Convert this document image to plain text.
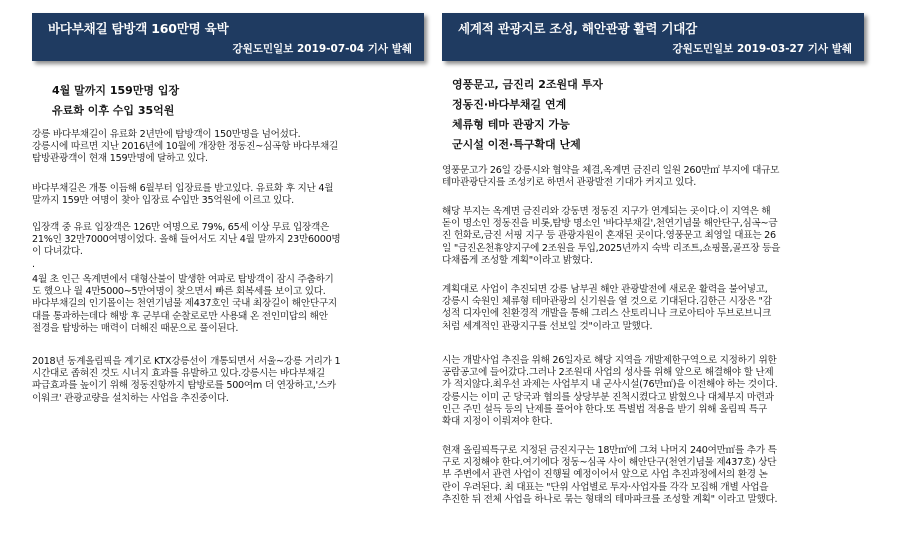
바다부채길 탐방객 160만명 육박
강원도민일보 2019-07-04 기사 발췌
4월 말까지 159만명 입장
유료화 이후 수입 35억원
강릉 바다부채길이 유료화 2년만에 탐방객이 150만명을 넘어섰다.
강릉시에 따르면 지난 2016년에 10월에 개장한 정동진~심곡항 바다부채길
탐방관광객이 현재 159만명에 달하고 있다.
바다부채길은 개통 이듬해 6월부터 입장료를 받고있다. 유료화 후 지난 4월
말까지 159만 여명이 찾아 입장료 수입만 35억원에 이르고 있다.
입장객 중 유료 입장객은 126만 여명으로 79%, 65세 이상 무료 입장객은
21%인 32만7000여명이었다. 올해 들어서도 지난 4월 말까지 23만6000명
이 다녀갔다.
.
4월 초 인근 옥계면에서 대형산불이 발생한 여파로 탐방객이 잠시 주춤하기
도 했으나 월 4만5000~5만여명이 찾으면서 빠른 회복세를 보이고 있다.
바다부채길의 인기몰이는 천연기념물 제437호인 국내 최장길이 해안단구지
대를 통과하는데다 해방 후 군부대 순찰로로만 사용돼 온 전인미답의 해안
절경을 탐방하는 매력이 더해진 때문으로 풀이된다.
2018년 동계올림픽을 계기로 KTX강릉선이 개통되면서 서울~강릉 거리가 1
시간대로 좁혀진 것도 시너지 효과를 유발하고 있다.강릉시는 바다부채길
파급효과를 높이기 위해 정동진항까지 탐방로를 500여m 더 연장하고,'스카
이워크' 관광교량을 설치하는 사업을 추진중이다.
세계적 관광지로 조성, 해안관광 활력 기대감
강원도민일보 2019-03-27 기사 발췌
영풍문고, 금진리 2조원대 투자
정동진·바다부채길 연계
체류형 테마 관광지 가능
군시설 이전·특구확대 난제
영풍문고가 26일 강릉시와 협약을 체결,옥계면 금진리 일원 260만㎡ 부지에 대규모
테마관광단지를 조성키로 하면서 관광발전 기대가 커지고 있다.
해당 부지는 옥계면 금진리와 강동면 정동진 지구가 연계되는 곳이다.이 지역은 해
돋이 명소인 정동진을 비롯,탐방 명소인 '바다부채길',천연기념물 해안단구,심곡~금
진 헌화로,금진 서핑 지구 등 관광자원이 혼재된 곳이다.영풍문고 최영일 대표는 26
일 "금진온천휴양지구에 2조원을 투입,2025년까지 숙박 리조트,쇼핑몰,골프장 등을
다채롭게 조성할 계획"이라고 밝혔다.
계획대로 사업이 추진되면 강릉 남부권 해안 관광발전에 새로운 활력을 불어넣고,
강릉시 숙원인 체류형 테마관광의 신기원을 열 것으로 기대된다.김한근 시장은 "감
성적 디자인에 친환경적 개발을 통해 그리스 산토리니나 크로아티아 두브로브니크
처럼 세계적인 관광지구를 선보일 것"이라고 말했다.
시는 개발사업 추진을 위해 26일자로 해당 지역을 개발제한구역으로 지정하기 위한
공람공고에 들어갔다.그러나 2조원대 사업의 성사를 위해 앞으로 해결해야 할 난제
가 적지않다.최우선 과제는 사업부지 내 군사시설(76만㎡)을 이전해야 하는 것이다.
강릉시는 이미 군 당국과 협의를 상당부분 진척시켰다고 밝혔으나 대체부지 마련과
인근 주민 설득 등의 난제를 풀어야 한다.또 특별법 적용을 받기 위해 올림픽 특구
확대 지정이 이뤄져야 한다.
현재 올림픽특구로 지정된 금진지구는 18만㎡에 그쳐 나머지 240여만㎡를 추가 특
구로 지정해야 한다.여기에다 정동~심곡 사이 해안단구(천연기념물 제437호) 상단
부 주변에서 관련 사업이 진행될 예정이어서 앞으로 사업 추진과정에서의 환경 논
란이 우려된다. 최 대표는 "단위 사업별로 투자·사업자를 각각 모집해 개별 사업을
추진한 뒤 전체 사업을 하나로 묶는 형태의 테마파크를 조성할 계획" 이라고 말했다.
